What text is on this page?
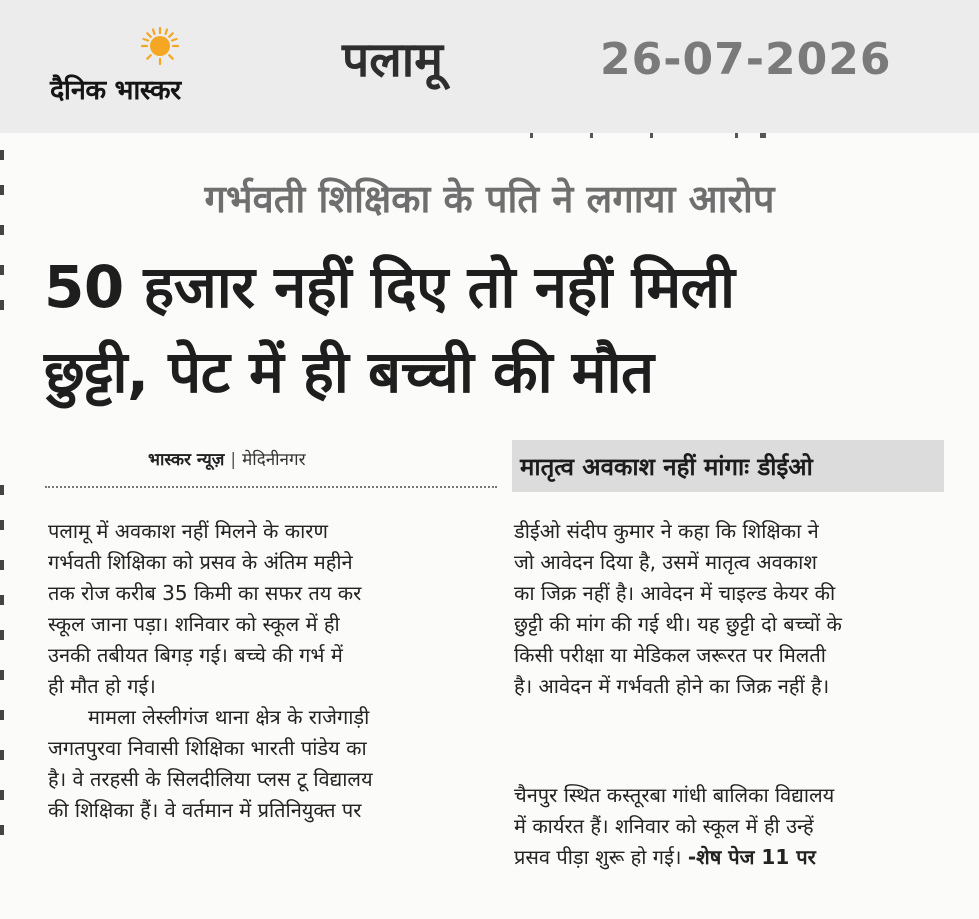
दैनिक भास्कर
पलामू	26-07-2026
गर्भवती शिक्षिका के पति ने लगाया आरोप
50 हजार नहीं दिए तो नहीं मिली
छुट्टी, पेट में ही बच्ची की मौत
भास्कर न्यूज़ | मेदिनीनगर	मातृत्व अवकाश नहीं मांगाः डीईओ
पलामू में अवकाश नहीं मिलने के कारण
गर्भवती शिक्षिका को प्रसव के अंतिम महीने
तक रोज करीब 35 किमी का सफर तय कर
स्कूल जाना पड़ा। शनिवार को स्कूल में ही
उनकी तबीयत बिगड़ गई। बच्चे की गर्भ में
ही मौत हो गई।
मामला लेस्लीगंज थाना क्षेत्र के राजेगाड़ी
जगतपुरवा निवासी शिक्षिका भारती पांडेय का
है। वे तरहसी के सिलदीलिया प्लस टू विद्यालय
की शिक्षिका हैं। वे वर्तमान में प्रतिनियुक्त पर
डीईओ संदीप कुमार ने कहा कि शिक्षिका ने
जो आवेदन दिया है, उसमें मातृत्व अवकाश
का जिक्र नहीं है। आवेदन में चाइल्ड केयर की
छुट्टी की मांग की गई थी। यह छुट्टी दो बच्चों के
किसी परीक्षा या मेडिकल जरूरत पर मिलती
है। आवेदन में गर्भवती होने का जिक्र नहीं है।
चैनपुर स्थित कस्तूरबा गांधी बालिका विद्यालय
में कार्यरत हैं। शनिवार को स्कूल में ही उन्हें
प्रसव पीड़ा शुरू हो गई। -शेष पेज 11 पर
